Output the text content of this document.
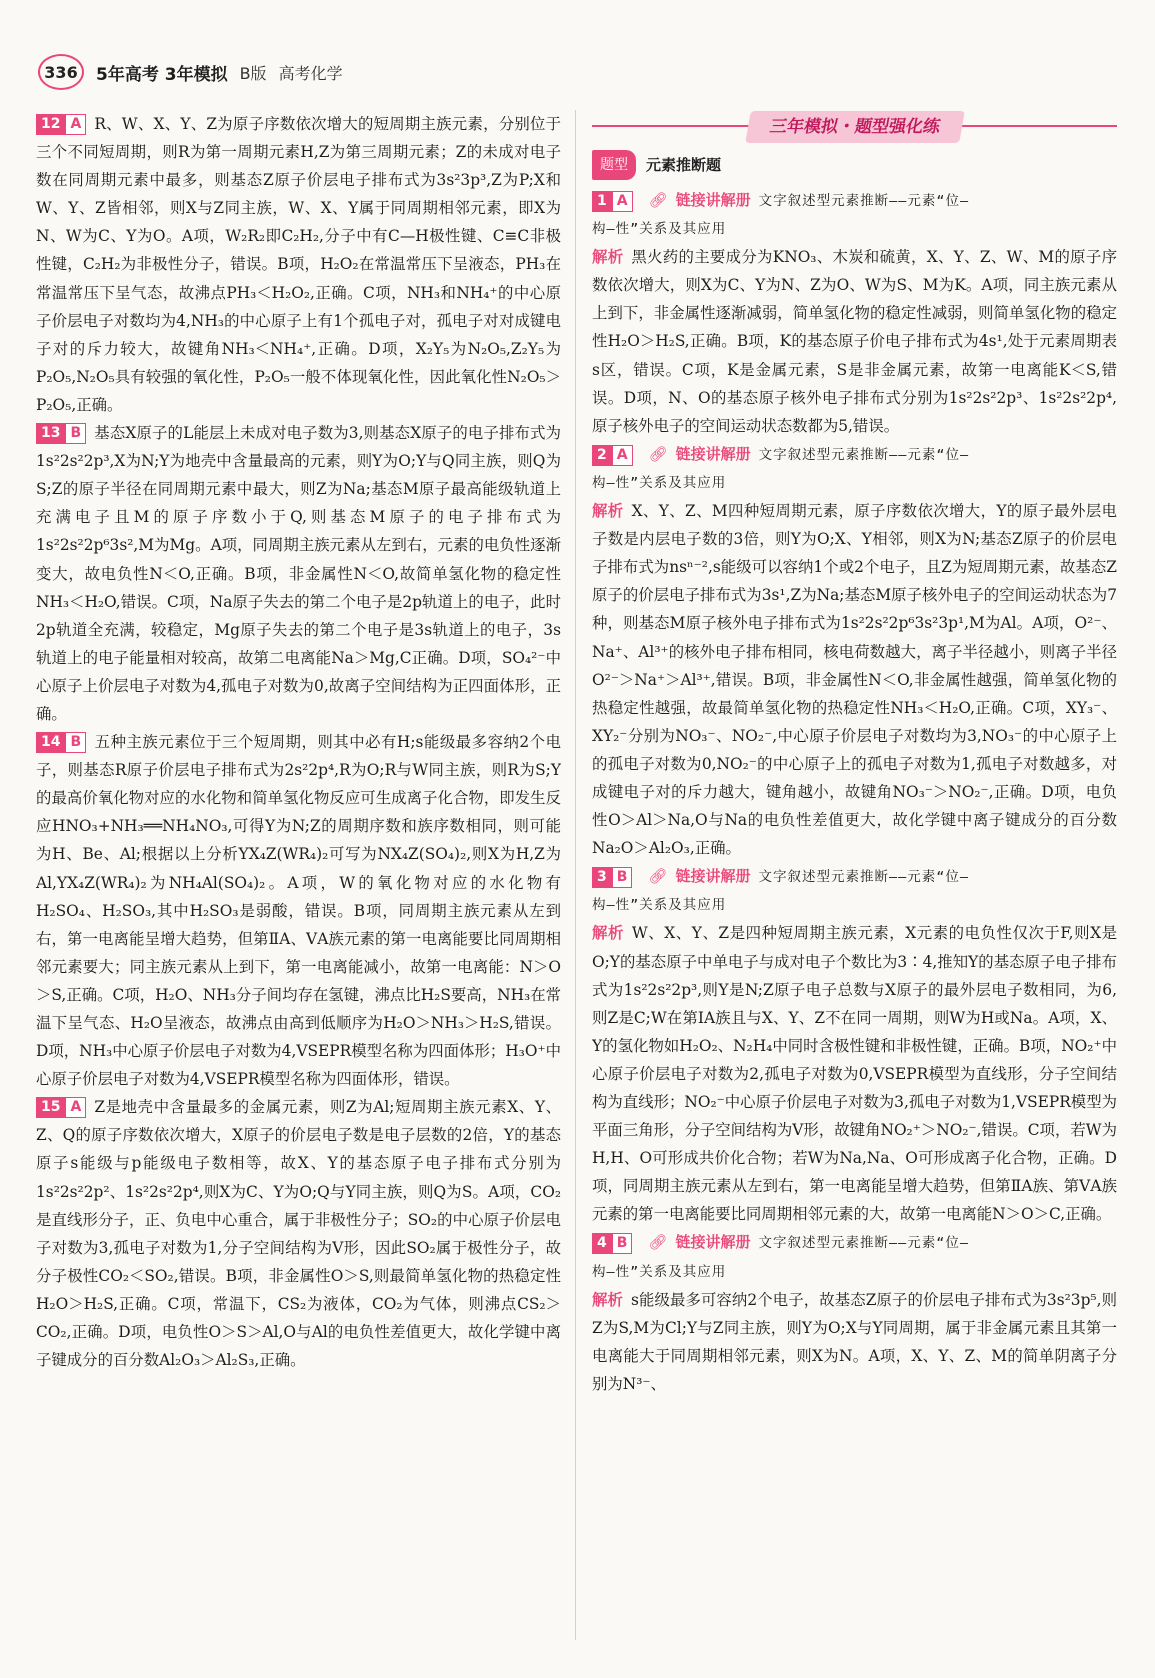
336	5年高考 3年模拟 B版 高考化学

12 A R、W、X、Y、Z为原子序数依次增大的短周期主族元素，分别位于三个不同短周期，则R为第一周期元素H,Z为第三周期元素；Z的未成对电子数在同周期元素中最多，则基态Z原子价层电子排布式为3s²3p³,Z为P;X和W、Y、Z皆相邻，则X与Z同主族，W、X、Y属于同周期相邻元素，即X为N、W为C、Y为O。A项，W₂R₂即C₂H₂,分子中有C—H极性键、C≡C非极性键，C₂H₂为非极性分子，错误。B项，H₂O₂在常温常压下呈液态，PH₃在常温常压下呈气态，故沸点PH₃＜H₂O₂,正确。C项，NH₃和NH₄⁺的中心原子价层电子对数均为4,NH₃的中心原子上有1个孤电子对，孤电子对对成键电子对的斥力较大，故键角NH₃＜NH₄⁺,正确。D项，X₂Y₅为N₂O₅,Z₂Y₅为P₂O₅,N₂O₅具有较强的氧化性，P₂O₅一般不体现氧化性，因此氧化性N₂O₅＞P₂O₅,正确。

13 B 基态X原子的L能层上未成对电子数为3,则基态X原子的电子排布式为1s²2s²2p³,X为N;Y为地壳中含量最高的元素，则Y为O;Y与Q同主族，则Q为S;Z的原子半径在同周期元素中最大，则Z为Na;基态M原子最高能级轨道上充满电子且M的原子序数小于Q,则基态M原子的电子排布式为1s²2s²2p⁶3s²,M为Mg。A项，同周期主族元素从左到右，元素的电负性逐渐变大，故电负性N＜O,正确。B项，非金属性N＜O,故简单氢化物的稳定性NH₃＜H₂O,错误。C项，Na原子失去的第二个电子是2p轨道上的电子，此时2p轨道全充满，较稳定，Mg原子失去的第二个电子是3s轨道上的电子，3s轨道上的电子能量相对较高，故第二电离能Na＞Mg,C正确。D项，SO₄²⁻中心原子上价层电子对数为4,孤电子对数为0,故离子空间结构为正四面体形，正确。

14 B 五种主族元素位于三个短周期，则其中必有H;s能级最多容纳2个电子，则基态R原子价层电子排布式为2s²2p⁴,R为O;R与W同主族，则R为S;Y的最高价氧化物对应的水化物和简单氢化物反应可生成离子化合物，即发生反应HNO₃+NH₃══NH₄NO₃,可得Y为N;Z的周期序数和族序数相同，则可能为H、Be、Al;根据以上分析YX₄Z(WR₄)₂可写为NX₄Z(SO₄)₂,则X为H,Z为Al,YX₄Z(WR₄)₂为NH₄Al(SO₄)₂。A项，W的氧化物对应的水化物有H₂SO₄、H₂SO₃,其中H₂SO₃是弱酸，错误。B项，同周期主族元素从左到右，第一电离能呈增大趋势，但第ⅡA、ⅤA族元素的第一电离能要比同周期相邻元素要大；同主族元素从上到下，第一电离能减小，故第一电离能：N＞O＞S,正确。C项，H₂O、NH₃分子间均存在氢键，沸点比H₂S要高，NH₃在常温下呈气态、H₂O呈液态，故沸点由高到低顺序为H₂O＞NH₃＞H₂S,错误。D项，NH₃中心原子价层电子对数为4,VSEPR模型名称为四面体形；H₃O⁺中心原子价层电子对数为4,VSEPR模型名称为四面体形，错误。

15 A Z是地壳中含量最多的金属元素，则Z为Al;短周期主族元素X、Y、Z、Q的原子序数依次增大，X原子的价层电子数是电子层数的2倍，Y的基态原子s能级与p能级电子数相等，故X、Y的基态原子电子排布式分别为1s²2s²2p²、1s²2s²2p⁴,则X为C、Y为O;Q与Y同主族，则Q为S。A项，CO₂是直线形分子，正、负电中心重合，属于非极性分子；SO₂的中心原子价层电子对数为3,孤电子对数为1,分子空间结构为V形，因此SO₂属于极性分子，故分子极性CO₂＜SO₂,错误。B项，非金属性O＞S,则最简单氢化物的热稳定性H₂O＞H₂S,正确。C项，常温下，CS₂为液体，CO₂为气体，则沸点CS₂＞CO₂,正确。D项，电负性O＞S＞Al,O与Al的电负性差值更大，故化学键中离子键成分的百分数Al₂O₃＞Al₂S₃,正确。

三年模拟・题型强化练
题型	元素推断题
1 A	🔗︎ 链接讲解册 文字叙述型元素推断——元素“位—
构—性”关系及其应用

解析 黑火药的主要成分为KNO₃、木炭和硫黄，X、Y、Z、W、M的原子序数依次增大，则X为C、Y为N、Z为O、W为S、M为K。A项，同主族元素从上到下，非金属性逐渐减弱，简单氢化物的稳定性减弱，则简单氢化物的稳定性H₂O＞H₂S,正确。B项，K的基态原子价电子排布式为4s¹,处于元素周期表s区，错误。C项，K是金属元素，S是非金属元素，故第一电离能K＜S,错误。D项，N、O的基态原子核外电子排布式分别为1s²2s²2p³、1s²2s²2p⁴,原子核外电子的空间运动状态数都为5,错误。

2 A	🔗︎ 链接讲解册 文字叙述型元素推断——元素“位—
构—性”关系及其应用

解析 X、Y、Z、M四种短周期元素，原子序数依次增大，Y的原子最外层电子数是内层电子数的3倍，则Y为O;X、Y相邻，则X为N;基态Z原子的价层电子排布式为nsⁿ⁻²,s能级可以容纳1个或2个电子，且Z为短周期元素，故基态Z原子的价层电子排布式为3s¹,Z为Na;基态M原子核外电子的空间运动状态为7种，则基态M原子核外电子排布式为1s²2s²2p⁶3s²3p¹,M为Al。A项，O²⁻、Na⁺、Al³⁺的核外电子排布相同，核电荷数越大，离子半径越小，则离子半径O²⁻＞Na⁺＞Al³⁺,错误。B项，非金属性N＜O,非金属性越强，简单氢化物的热稳定性越强，故最简单氢化物的热稳定性NH₃＜H₂O,正确。C项，XY₃⁻、XY₂⁻分别为NO₃⁻、NO₂⁻,中心原子价层电子对数均为3,NO₃⁻的中心原子上的孤电子对数为0,NO₂⁻的中心原子上的孤电子对数为1,孤电子对数越多，对成键电子对的斥力越大，键角越小，故键角NO₃⁻＞NO₂⁻,正确。D项，电负性O＞Al＞Na,O与Na的电负性差值更大，故化学键中离子键成分的百分数Na₂O＞Al₂O₃,正确。

3 B	🔗︎ 链接讲解册 文字叙述型元素推断——元素“位—
构—性”关系及其应用

解析 W、X、Y、Z是四种短周期主族元素，X元素的电负性仅次于F,则X是O;Y的基态原子中单电子与成对电子个数比为3∶4,推知Y的基态原子电子排布式为1s²2s²2p³,则Y是N;Z原子电子总数与X原子的最外层电子数相同，为6,则Z是C;W在第ⅠA族且与X、Y、Z不在同一周期，则W为H或Na。A项，X、Y的氢化物如H₂O₂、N₂H₄中同时含极性键和非极性键，正确。B项，NO₂⁺中心原子价层电子对数为2,孤电子对数为0,VSEPR模型为直线形，分子空间结构为直线形；NO₂⁻中心原子价层电子对数为3,孤电子对数为1,VSEPR模型为平面三角形，分子空间结构为V形，故键角NO₂⁺＞NO₂⁻,错误。C项，若W为H,H、O可形成共价化合物；若W为Na,Na、O可形成离子化合物，正确。D项，同周期主族元素从左到右，第一电离能呈增大趋势，但第ⅡA族、第ⅤA族元素的第一电离能要比同周期相邻元素的大，故第一电离能N＞O＞C,正确。

4 B	🔗︎ 链接讲解册 文字叙述型元素推断——元素“位—
构—性”关系及其应用

解析 s能级最多可容纳2个电子，故基态Z原子的价层电子排布式为3s²3p⁵,则Z为S,M为Cl;Y与Z同主族，则Y为O;X与Y同周期，属于非金属元素且其第一电离能大于同周期相邻元素，则X为N。A项，X、Y、Z、M的简单阴离子分别为N³⁻、
